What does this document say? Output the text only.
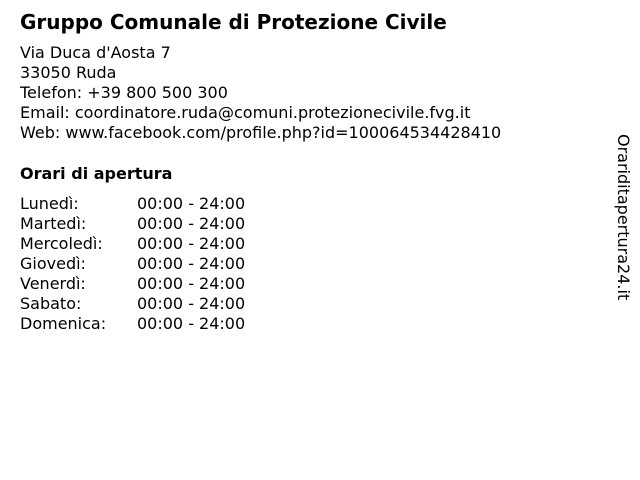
Gruppo Comunale di Protezione Civile
Via Duca d'Aosta 7
33050 Ruda
Telefon: +39 800 500 300
Email: coordinatore.ruda@comuni.protezionecivile.fvg.it
Web: www.facebook.com/profile.php?id=100064534428410
Orari di apertura
Lunedì:	00:00 - 24:00
Martedì:	00:00 - 24:00
Mercoledì: 00:00 - 24:00
Giovedì:	00:00 - 24:00
Venerdì:	00:00 - 24:00
Sabato:	00:00 - 24:00
Domenica: 00:00 - 24:00
Orariditapertura24.it
